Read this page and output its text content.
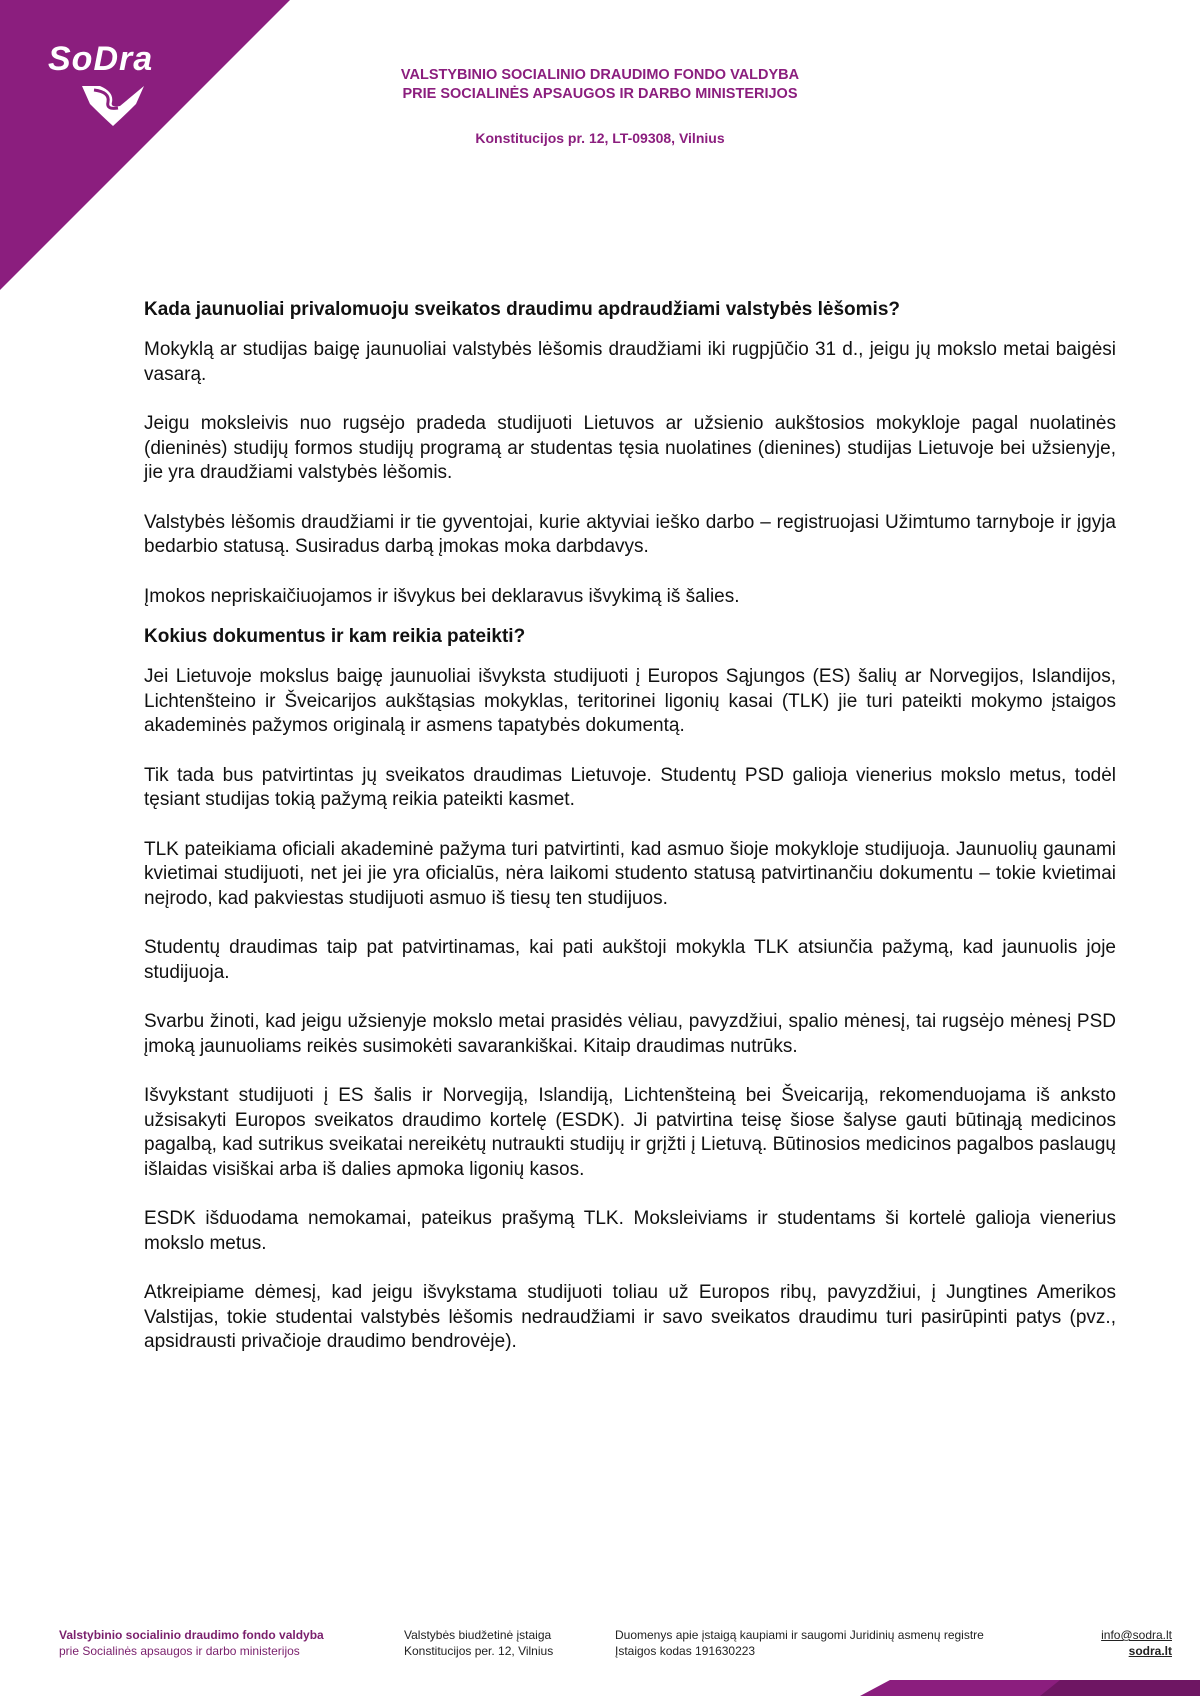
SoDra	VALSTYBINIO SOCIALINIO DRAUDIMO FONDO VALDYBA
PRIE SOCIALINĖS APSAUGOS IR DARBO MINISTERIJOS
Konstitucijos pr. 12, LT-09308, Vilnius
Kada jaunuoliai privalomuoju sveikatos draudimu apdraudžiami valstybės lėšomis?

Mokyklą ar studijas baigę jaunuoliai valstybės lėšomis draudžiami iki rugpjūčio 31 d., jeigu jų mokslo metai baigėsi vasarą.

Jeigu moksleivis nuo rugsėjo pradeda studijuoti Lietuvos ar užsienio aukštosios mokykloje pagal nuolatinės (dieninės) studijų formos studijų programą ar studentas tęsia nuolatines (dienines) studijas Lietuvoje bei užsienyje, jie yra draudžiami valstybės lėšomis.

Valstybės lėšomis draudžiami ir tie gyventojai, kurie aktyviai ieško darbo – registruojasi Užimtumo tarnyboje ir įgyja bedarbio statusą. Susiradus darbą įmokas moka darbdavys.

Įmokos nepriskaičiuojamos ir išvykus bei deklaravus išvykimą iš šalies.

Kokius dokumentus ir kam reikia pateikti?

Jei Lietuvoje mokslus baigę jaunuoliai išvyksta studijuoti į Europos Sąjungos (ES) šalių ar Norvegijos, Islandijos, Lichtenšteino ir Šveicarijos aukštąsias mokyklas, teritorinei ligonių kasai (TLK) jie turi pateikti mokymo įstaigos akademinės pažymos originalą ir asmens tapatybės dokumentą.

Tik tada bus patvirtintas jų sveikatos draudimas Lietuvoje. Studentų PSD galioja vienerius mokslo metus, todėl tęsiant studijas tokią pažymą reikia pateikti kasmet.

TLK pateikiama oficiali akademinė pažyma turi patvirtinti, kad asmuo šioje mokykloje studijuoja. Jaunuolių gaunami kvietimai studijuoti, net jei jie yra oficialūs, nėra laikomi studento statusą patvirtinančiu dokumentu – tokie kvietimai neįrodo, kad pakviestas studijuoti asmuo iš tiesų ten studijuos.

Studentų draudimas taip pat patvirtinamas, kai pati aukštoji mokykla TLK atsiunčia pažymą, kad jaunuolis joje studijuoja.

Svarbu žinoti, kad jeigu užsienyje mokslo metai prasidės vėliau, pavyzdžiui, spalio mėnesį, tai rugsėjo mėnesį PSD įmoką jaunuoliams reikės susimokėti savarankiškai. Kitaip draudimas nutrūks.

Išvykstant studijuoti į ES šalis ir Norvegiją, Islandiją, Lichtenšteiną bei Šveicariją, rekomenduojama iš anksto užsisakyti Europos sveikatos draudimo kortelę (ESDK). Ji patvirtina teisę šiose šalyse gauti būtinąją medicinos pagalbą, kad sutrikus sveikatai nereikėtų nutraukti studijų ir grįžti į Lietuvą. Būtinosios medicinos pagalbos paslaugų išlaidas visiškai arba iš dalies apmoka ligonių kasos.

ESDK išduodama nemokamai, pateikus prašymą TLK. Moksleiviams ir studentams ši kortelė galioja vienerius mokslo metus.

Atkreipiame dėmesį, kad jeigu išvykstama studijuoti toliau už Europos ribų, pavyzdžiui, į Jungtines Amerikos Valstijas, tokie studentai valstybės lėšomis nedraudžiami ir savo sveikatos draudimu turi pasirūpinti patys (pvz., apsidrausti privačioje draudimo bendrovėje).

Valstybinio socialinio draudimo fondo valdyba
prie Socialinės apsaugos ir darbo ministerijos
Valstybės biudžetinė įstaiga
Konstitucijos per. 12, Vilnius
Duomenys apie įstaigą kaupiami ir saugomi Juridinių asmenų registre
Įstaigos kodas 191630223
info@sodra.lt
sodra.lt
